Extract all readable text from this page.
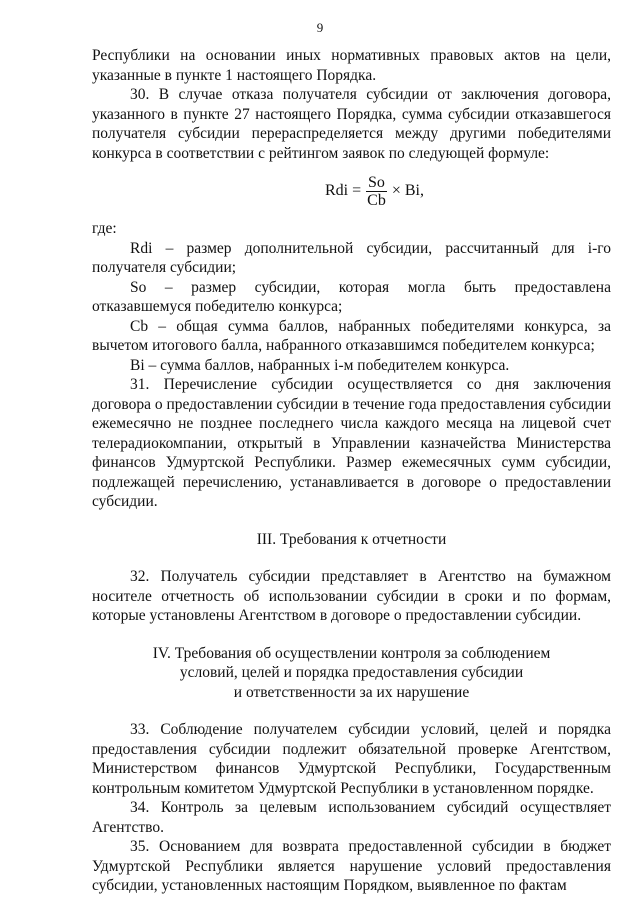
9

Республики на основании иных нормативных правовых актов на цели, указанные в пункте 1 настоящего Порядка.

30. В случае отказа получателя субсидии от заключения договора, указанного в пункте 27 настоящего Порядка, сумма субсидии отказавшегося получателя субсидии перераспределяется между другими победителями конкурса в соответствии с рейтингом заявок по следующей формуле:

Rdi = $\frac{So}{Cb} \times Bi$,

где:

Rdi – размер дополнительной субсидии, рассчитанный для i-го получателя субсидии;

So – размер субсидии, которая могла быть предоставлена отказавшемуся победителю конкурса;

Cb – общая сумма баллов, набранных победителями конкурса, за вычетом итогового балла, набранного отказавшимся победителем конкурса;

Bi – сумма баллов, набранных i-м победителем конкурса.

31. Перечисление субсидии осуществляется со дня заключения договора о предоставлении субсидии в течение года предоставления субсидии ежемесячно не позднее последнего числа каждого месяца на лицевой счет телерадиокомпании, открытый в Управлении казначейства Министерства финансов Удмуртской Республики. Размер ежемесячных сумм субсидии, подлежащей перечислению, устанавливается в договоре о предоставлении субсидии.

III. Требования к отчетности

32. Получатель субсидии представляет в Агентство на бумажном носителе отчетность об использовании субсидии в сроки и по формам, которые установлены Агентством в договоре о предоставлении субсидии.

IV. Требования об осуществлении контроля за соблюдением

условий, целей и порядка предоставления субсидии

и ответственности за их нарушение

33. Соблюдение получателем субсидии условий, целей и порядка предоставления субсидии подлежит обязательной проверке Агентством, Министерством финансов Удмуртской Республики, Государственным контрольным комитетом Удмуртской Республики в установленном порядке.

34. Контроль за целевым использованием субсидий осуществляет Агентство.

35. Основанием для возврата предоставленной субсидии в бюджет Удмуртской Республики является нарушение условий предоставления субсидии, установленных настоящим Порядком, выявленное по фактам
